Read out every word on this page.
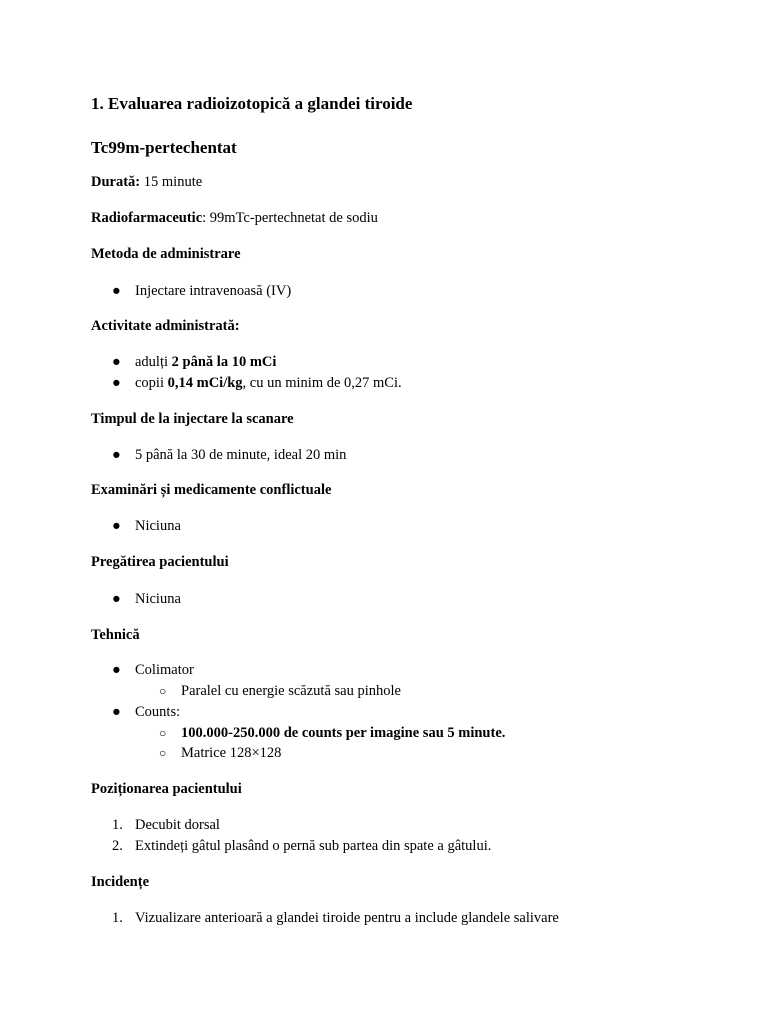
1. Evaluarea radioizotopică a glandei tiroide
Tc99m-pertechentat
Durată: 15 minute
Radiofarmaceutic: 99mTc-pertechnetat de sodiu
Metoda de administrare
● Injectare intravenoasă (IV)
Activitate administrată:
● adulți 2 până la 10 mCi
● copii 0,14 mCi/kg, cu un minim de 0,27 mCi.
Timpul de la injectare la scanare
● 5 până la 30 de minute, ideal 20 min
Examinări și medicamente conflictuale
● Niciuna
Pregătirea pacientului
● Niciuna
Tehnică
● Colimator
○ Paralel cu energie scăzută sau pinhole
● Counts:
○ 100.000-250.000 de counts per imagine sau 5 minute.
○ Matrice 128×128
Poziționarea pacientului
1. Decubit dorsal
2. Extindeți gâtul plasând o pernă sub partea din spate a gâtului.
Incidențe
1. Vizualizare anterioară a glandei tiroide pentru a include glandele salivare
